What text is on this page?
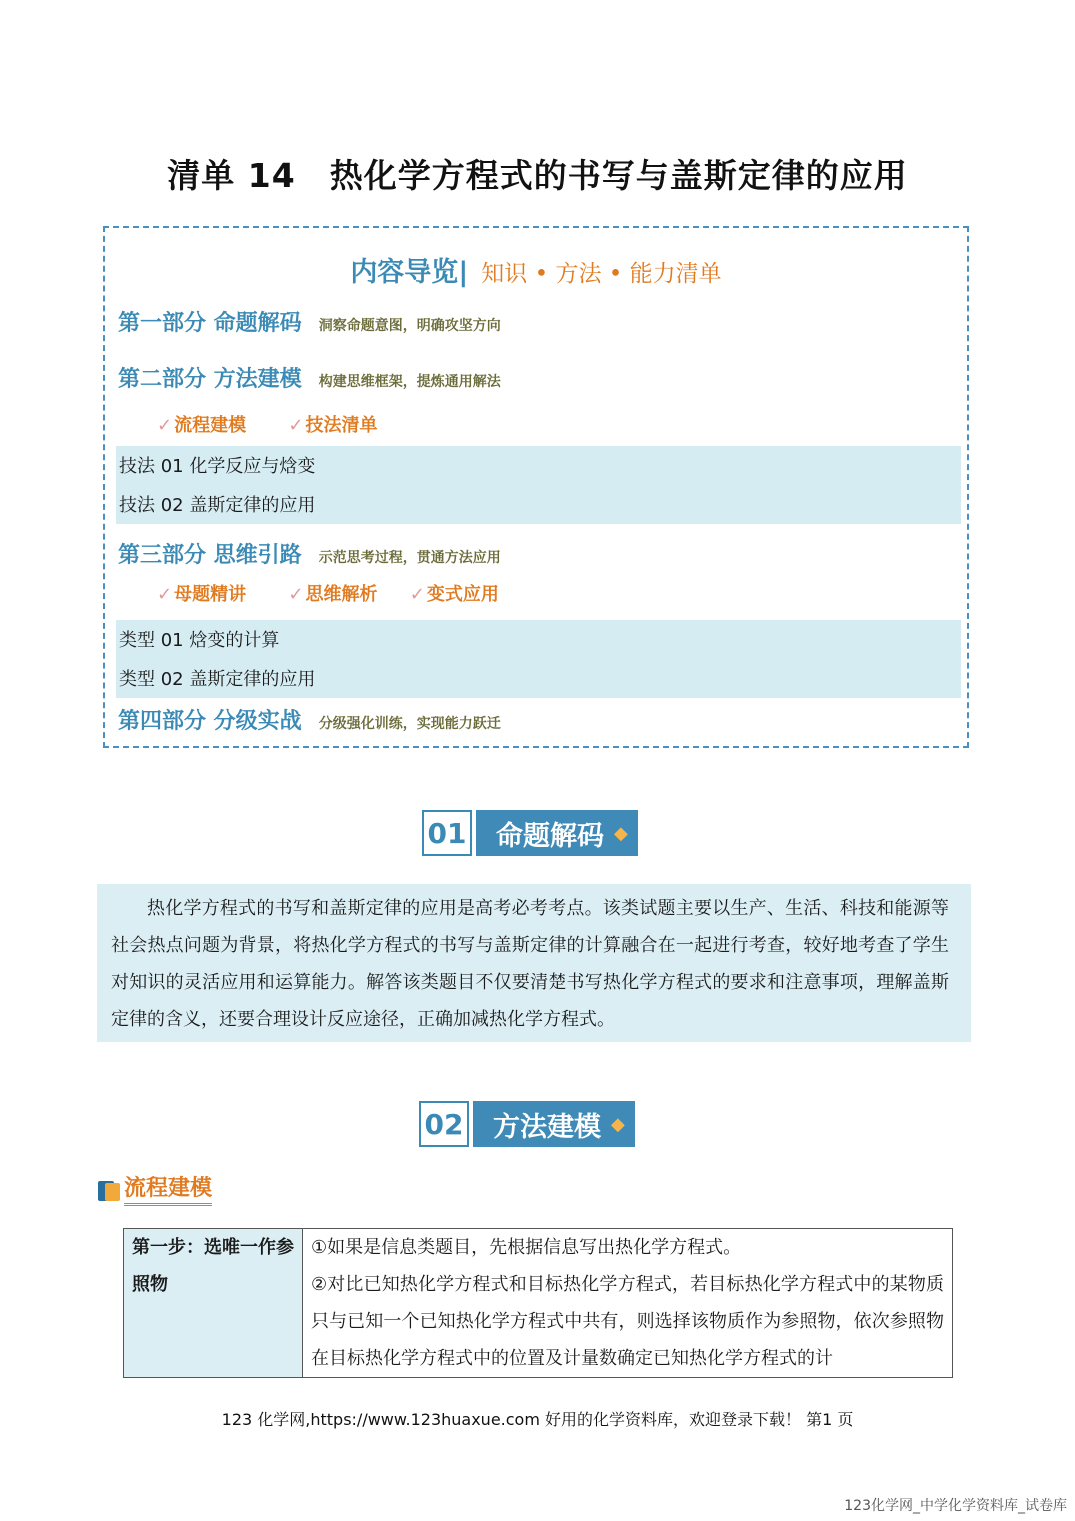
清单 14　热化学方程式的书写与盖斯定律的应用
内容导览| 知识 • 方法 • 能力清单
第一部分 命题解码 洞察命题意图，明确攻坚方向
第二部分 方法建模 构建思维框架，提炼通用解法
✓ 流程建模 ✓ 技法清单
技法 01 化学反应与焓变
技法 02 盖斯定律的应用
第三部分 思维引路 示范思考过程，贯通方法应用
✓ 母题精讲 ✓ 思维解析 ✓ 变式应用
类型 01 焓变的计算
类型 02 盖斯定律的应用
第四部分 分级实战 分级强化训练，实现能力跃迁
01 命题解码 ◆

热化学方程式的书写和盖斯定律的应用是高考必考考点。该类试题主要以生产、生活、科技和能源等社会热点问题为背景，将热化学方程式的书写与盖斯定律的计算融合在一起进行考查，较好地考查了学生对知识的灵活应用和运算能力。解答该类题目不仅要清楚书写热化学方程式的要求和注意事项，理解盖斯定律的含义，还要合理设计反应途径，正确加减热化学方程式。

02 方法建模 ◆
流程建模
第一步：选唯一作参照物

①如果是信息类题目，先根据信息写出热化学方程式。

②对比已知热化学方程式和目标热化学方程式，若目标热化学方程式中的某物质只与已知一个已知热化学方程式中共有，则选择该物质作为参照物，依次参照物在目标热化学方程式中的位置及计量数确定已知热化学方程式的计

123 化学网,https://www.123huaxue.com 好用的化学资料库，欢迎登录下载！ 第1 页
123化学网_中学化学资料库_试卷库
